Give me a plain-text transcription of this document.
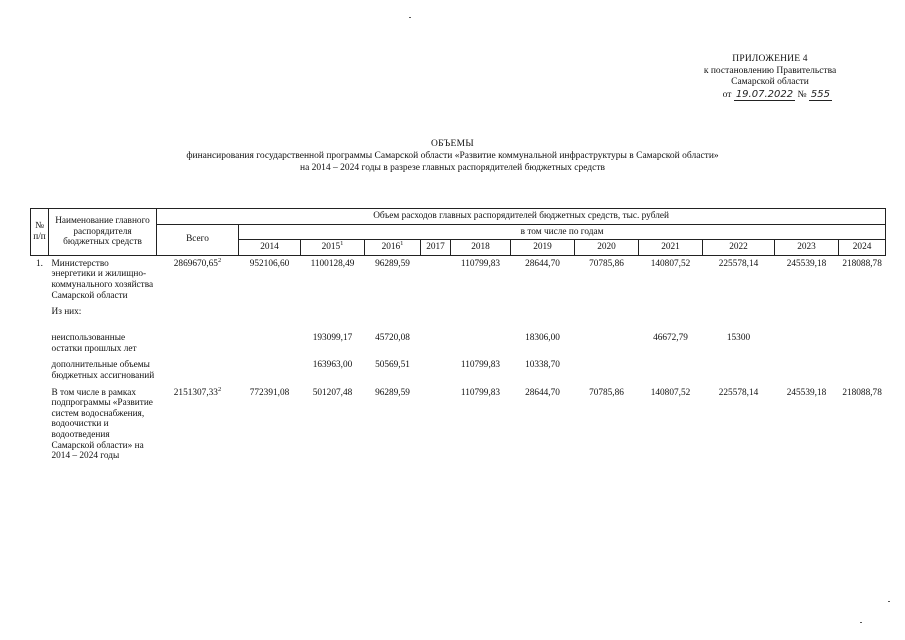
ПРИЛОЖЕНИЕ 4
к постановлению Правительства
Самарской области
от 19.07.2022 № 555
ОБЪЕМЫ
финансирования государственной программы Самарской области «Развитие коммунальной инфраструктуры в Самарской области»
на 2014 – 2024 годы в разрезе главных распорядителей бюджетных средств
№ п/п	Наименование главного распорядителя бюджетных средств	Объем расходов главных распорядителей бюджетных средств, тыс. рублей											
		Всего	в том числе по годам										
			2014	2015$^1$	2016$^1$	2017	2018	2019	2020	2021	2022	2023	2024
1.	Министерство энергетики и жилищно-коммунального хозяйства Самарской области	2869670,65$^2$	952106,60	1100128,49	96289,59		110799,83	28644,70	70785,86	140807,52	225578,14	245539,18	218088,78
	Из них:												
	неиспользованные остатки прошлых лет			193099,17	45720,08			18306,00		46672,79	15300		
	дополнительные объемы бюджетных ассигнований			163963,00	50569,51		110799,83	10338,70					
	В том числе в рамках подпрограммы «Развитие систем водоснабжения, водоочистки и водоотведения Самарской области» на 2014 – 2024 годы	2151307,33$^2$	772391,08	501207,48	96289,59		110799,83	28644,70	70785,86	140807,52	225578,14	245539,18	218088,78
